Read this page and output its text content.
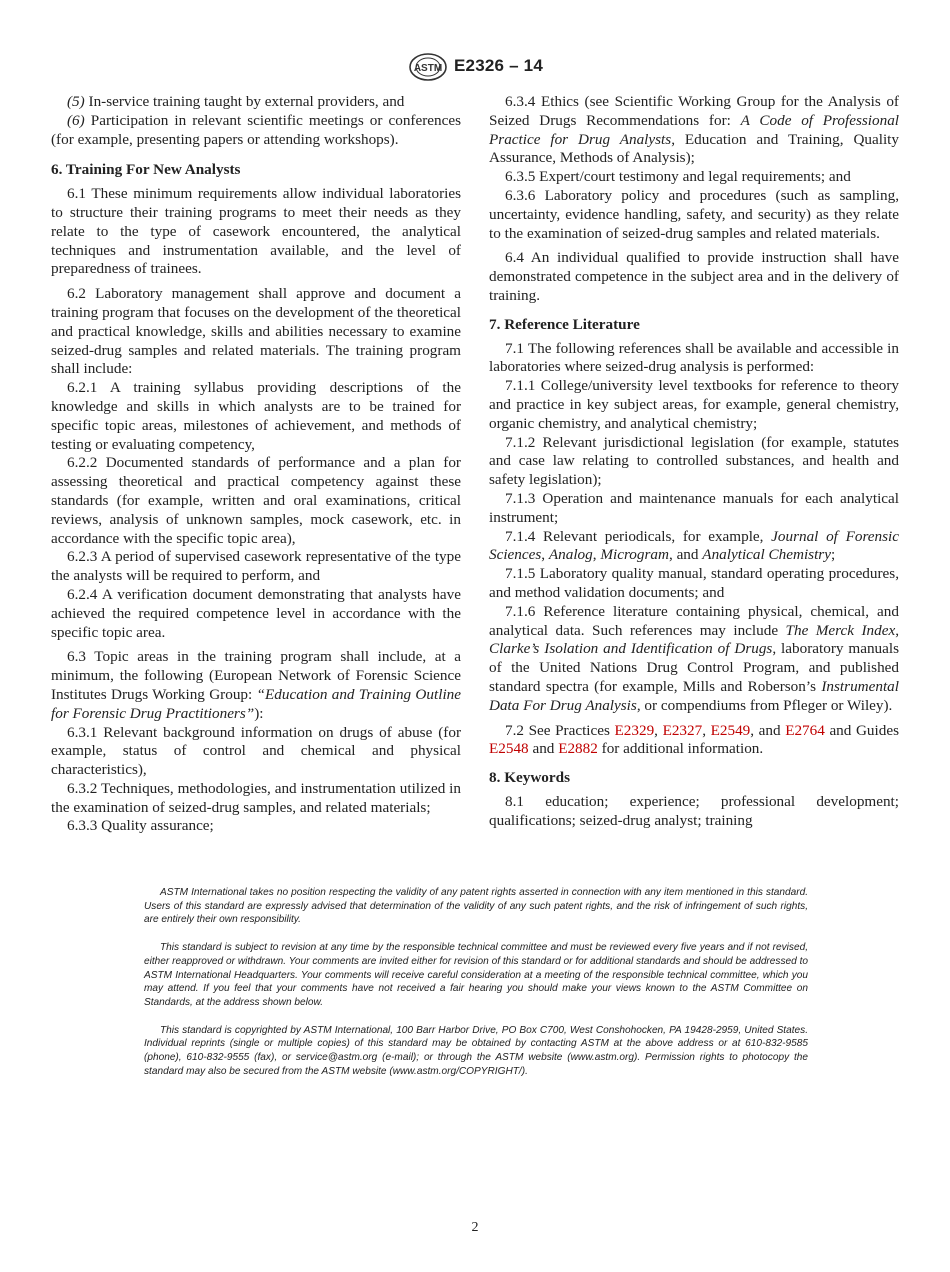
ASTM E2326 – 14

(5) In-service training taught by external providers, and

(6) Participation in relevant scientific meetings or conferences (for example, presenting papers or attending workshops).

6. Training For New Analysts

6.1 These minimum requirements allow individual laboratories to structure their training programs to meet their needs as they relate to the type of casework encountered, the analytical techniques and instrumentation available, and the level of preparedness of trainees.

6.2 Laboratory management shall approve and document a training program that focuses on the development of the theoretical and practical knowledge, skills and abilities necessary to examine seized-drug samples and related materials. The training program shall include:

6.2.1 A training syllabus providing descriptions of the knowledge and skills in which analysts are to be trained for specific topic areas, milestones of achievement, and methods of testing or evaluating competency,

6.2.2 Documented standards of performance and a plan for assessing theoretical and practical competency against these standards (for example, written and oral examinations, critical reviews, analysis of unknown samples, mock casework, etc. in accordance with the specific topic area),

6.2.3 A period of supervised casework representative of the type the analysts will be required to perform, and

6.2.4 A verification document demonstrating that analysts have achieved the required competence level in accordance with the specific topic area.

6.3 Topic areas in the training program shall include, at a minimum, the following (European Network of Forensic Science Institutes Drugs Working Group: “Education and Training Outline for Forensic Drug Practitioners”):

6.3.1 Relevant background information on drugs of abuse (for example, status of control and chemical and physical characteristics),

6.3.2 Techniques, methodologies, and instrumentation utilized in the examination of seized-drug samples, and related materials;

6.3.3 Quality assurance;

6.3.4 Ethics (see Scientific Working Group for the Analysis of Seized Drugs Recommendations for: A Code of Professional Practice for Drug Analysts, Education and Training, Quality Assurance, Methods of Analysis);

6.3.5 Expert/court testimony and legal requirements; and

6.3.6 Laboratory policy and procedures (such as sampling, uncertainty, evidence handling, safety, and security) as they relate to the examination of seized-drug samples and related materials.

6.4 An individual qualified to provide instruction shall have demonstrated competence in the subject area and in the delivery of training.

7. Reference Literature

7.1 The following references shall be available and accessible in laboratories where seized-drug analysis is performed:

7.1.1 College/university level textbooks for reference to theory and practice in key subject areas, for example, general chemistry, organic chemistry, and analytical chemistry;

7.1.2 Relevant jurisdictional legislation (for example, statutes and case law relating to controlled substances, and health and safety legislation);

7.1.3 Operation and maintenance manuals for each analytical instrument;

7.1.4 Relevant periodicals, for example, Journal of Forensic Sciences, Analog, Microgram, and Analytical Chemistry;

7.1.5 Laboratory quality manual, standard operating procedures, and method validation documents; and

7.1.6 Reference literature containing physical, chemical, and analytical data. Such references may include The Merck Index, Clarke’s Isolation and Identification of Drugs, laboratory manuals of the United Nations Drug Control Program, and published standard spectra (for example, Mills and Roberson’s Instrumental Data For Drug Analysis, or compendiums from Pfleger or Wiley).

7.2 See Practices E2329, E2327, E2549, and E2764 and Guides E2548 and E2882 for additional information.

8. Keywords

8.1 education; experience; professional development; qualifications; seized-drug analyst; training

ASTM International takes no position respecting the validity of any patent rights asserted in connection with any item mentioned in this standard. Users of this standard are expressly advised that determination of the validity of any such patent rights, and the risk of infringement of such rights, are entirely their own responsibility.

This standard is subject to revision at any time by the responsible technical committee and must be reviewed every five years and if not revised, either reapproved or withdrawn. Your comments are invited either for revision of this standard or for additional standards and should be addressed to ASTM International Headquarters. Your comments will receive careful consideration at a meeting of the responsible technical committee, which you may attend. If you feel that your comments have not received a fair hearing you should make your views known to the ASTM Committee on Standards, at the address shown below.

This standard is copyrighted by ASTM International, 100 Barr Harbor Drive, PO Box C700, West Conshohocken, PA 19428-2959, United States. Individual reprints (single or multiple copies) of this standard may be obtained by contacting ASTM at the above address or at 610-832-9585 (phone), 610-832-9555 (fax), or service@astm.org (e-mail); or through the ASTM website (www.astm.org). Permission rights to photocopy the standard may also be secured from the ASTM website (www.astm.org/COPYRIGHT/).

2
